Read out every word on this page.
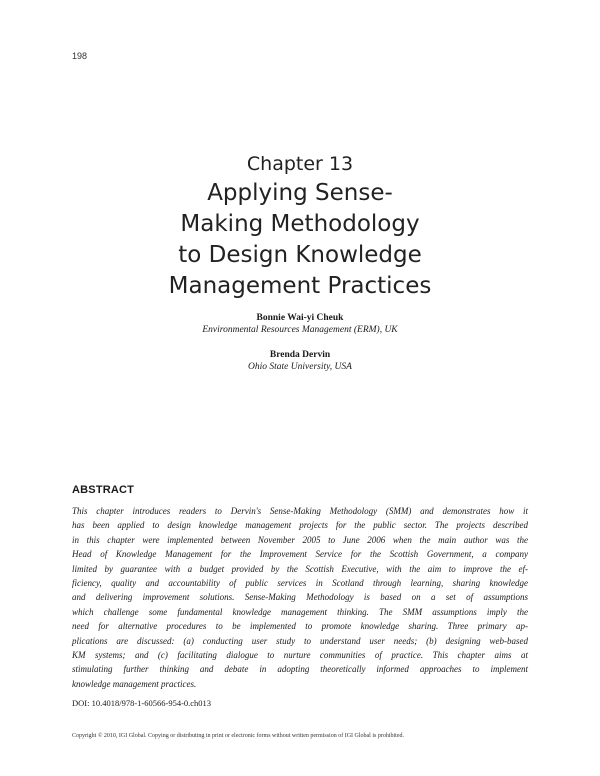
198
Chapter 13
Applying Sense-
Making Methodology
to Design Knowledge
Management Practices
Bonnie Wai-yi Cheuk
Environmental Resources Management (ERM), UK
Brenda Dervin
Ohio State University, USA
ABSTRACT

This chapter introduces readers to Dervin's Sense-Making Methodology (SMM) and demonstrates how it
has been applied to design knowledge management projects for the public sector. The projects described
in this chapter were implemented between November 2005 to June 2006 when the main author was the
Head of Knowledge Management for the Improvement Service for the Scottish Government, a company
limited by guarantee with a budget provided by the Scottish Executive, with the aim to improve the ef-
ficiency, quality and accountability of public services in Scotland through learning, sharing knowledge
and delivering improvement solutions. Sense-Making Methodology is based on a set of assumptions
which challenge some fundamental knowledge management thinking. The SMM assumptions imply the
need for alternative procedures to be implemented to promote knowledge sharing. Three primary ap-
plications are discussed: (a) conducting user study to understand user needs; (b) designing web-based
KM systems; and (c) facilitating dialogue to nurture communities of practice. This chapter aims at
stimulating further thinking and debate in adopting theoretically informed approaches to implement
knowledge management practices.

DOI: 10.4018/978-1-60566-954-0.ch013
Copyright © 2010, IGI Global. Copying or distributing in print or electronic forms without written permission of IGI Global is prohibited.
